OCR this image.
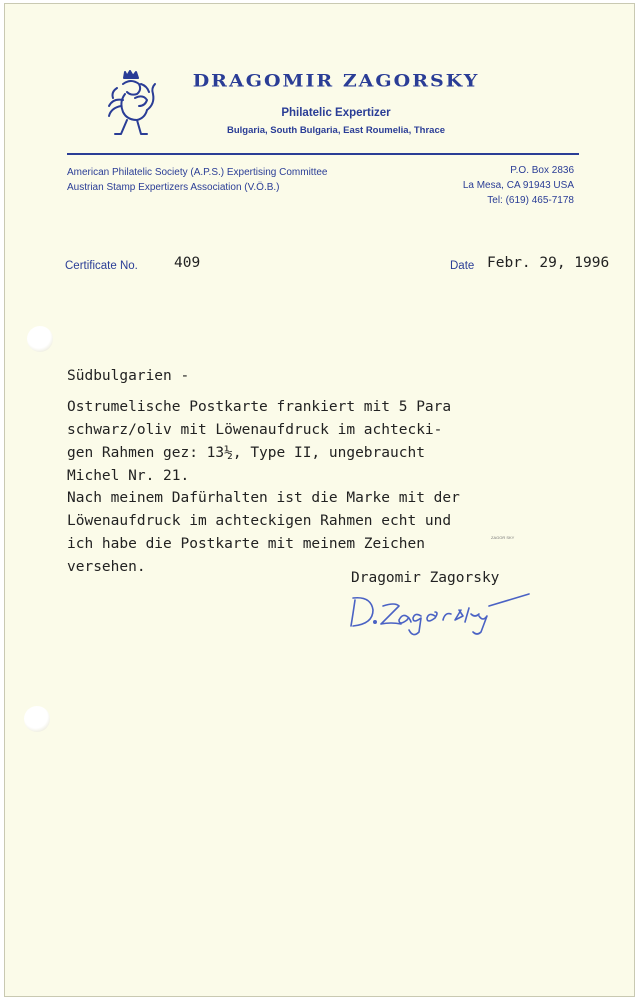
DRAGOMIR ZAGORSKY
Philatelic Expertizer
Bulgaria, South Bulgaria, East Roumelia, Thrace
American Philatelic Society (A.P.S.) Expertising Committee
Austrian Stamp Expertizers Association (V.Ö.B.)
P.O. Box 2836
La Mesa, CA 91943 USA
Tel: (619) 465-7178
Certificate No. 409	Date Febr. 29, 1996
Südbulgarien -
Ostrumelische Postkarte frankiert mit 5 Para
schwarz/oliv mit Löwenaufdruck im achtecki-
gen Rahmen gez: 13½, Type II, ungebraucht
Michel Nr. 21.
Nach meinem Dafürhalten ist die Marke mit der
Löwenaufdruck im achteckigen Rahmen echt und
ich habe die Postkarte mit meinem Zeichen
versehen.
ZAGOR SKY
Dragomir Zagorsky
